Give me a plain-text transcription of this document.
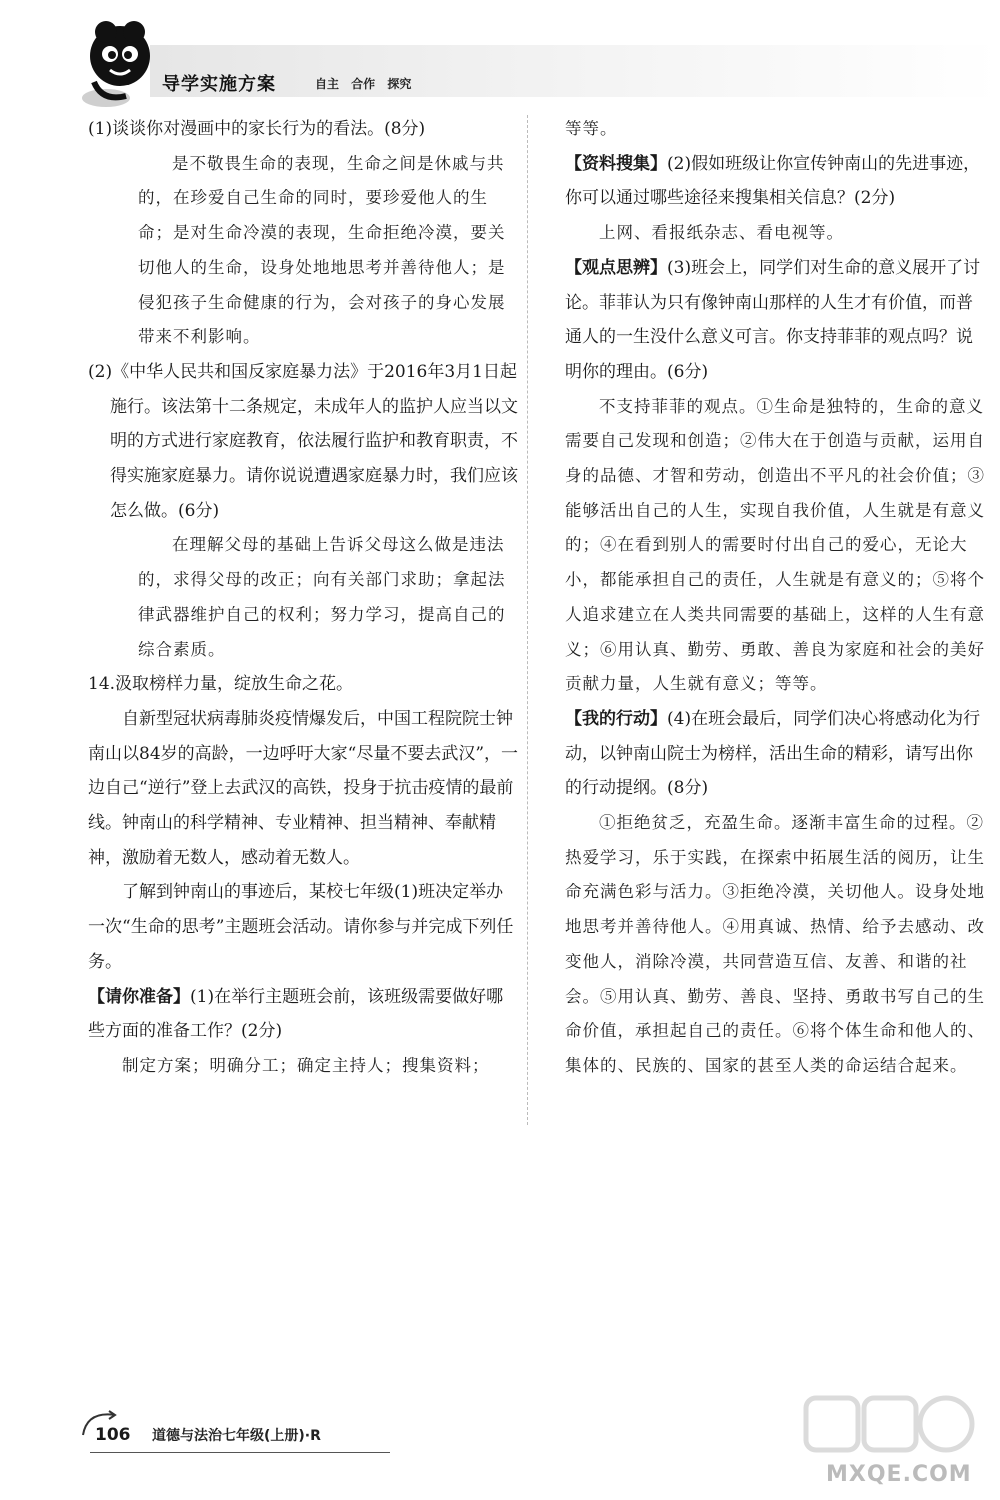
导学实施方案	自主 合作 探究

(1)谈谈你对漫画中的家长行为的看法。(8分)

是不敬畏生命的表现，生命之间是休戚与共的，在珍爱自己生命的同时，要珍爱他人的生命；是对生命冷漠的表现，生命拒绝冷漠，要关切他人的生命，设身处地地思考并善待他人；是侵犯孩子生命健康的行为，会对孩子的身心发展带来不利影响。

(2)《中华人民共和国反家庭暴力法》于2016年3月1日起施行。该法第十二条规定，未成年人的监护人应当以文明的方式进行家庭教育，依法履行监护和教育职责，不得实施家庭暴力。请你说说遭遇家庭暴力时，我们应该怎么做。(6分)

在理解父母的基础上告诉父母这么做是违法的，求得父母的改正；向有关部门求助；拿起法律武器维护自己的权利；努力学习，提高自己的综合素质。

14.汲取榜样力量，绽放生命之花。

自新型冠状病毒肺炎疫情爆发后，中国工程院院士钟南山以84岁的高龄，一边呼吁大家“尽量不要去武汉”，一边自己“逆行”登上去武汉的高铁，投身于抗击疫情的最前线。钟南山的科学精神、专业精神、担当精神、奉献精神，激励着无数人，感动着无数人。

了解到钟南山的事迹后，某校七年级(1)班决定举办一次“生命的思考”主题班会活动。请你参与并完成下列任务。

【请你准备】(1)在举行主题班会前，该班级需要做好哪些方面的准备工作？(2分)

制定方案；明确分工；确定主持人；搜集资料；

等等。

【资料搜集】(2)假如班级让你宣传钟南山的先进事迹，你可以通过哪些途径来搜集相关信息？(2分)

上网、看报纸杂志、看电视等。

【观点思辨】(3)班会上，同学们对生命的意义展开了讨论。菲菲认为只有像钟南山那样的人生才有价值，而普通人的一生没什么意义可言。你支持菲菲的观点吗？说明你的理由。(6分)

不支持菲菲的观点。①生命是独特的，生命的意义需要自己发现和创造；②伟大在于创造与贡献，运用自身的品德、才智和劳动，创造出不平凡的社会价值；③能够活出自己的人生，实现自我价值，人生就是有意义的；④在看到别人的需要时付出自己的爱心，无论大小，都能承担自己的责任，人生就是有意义的；⑤将个人追求建立在人类共同需要的基础上，这样的人生有意义；⑥用认真、勤劳、勇敢、善良为家庭和社会的美好贡献力量，人生就有意义；等等。

【我的行动】(4)在班会最后，同学们决心将感动化为行动，以钟南山院士为榜样，活出生命的精彩，请写出你的行动提纲。(8分)

①拒绝贫乏，充盈生命。逐渐丰富生命的过程。②热爱学习，乐于实践，在探索中拓展生活的阅历，让生命充满色彩与活力。③拒绝冷漠，关切他人。设身处地地思考并善待他人。④用真诚、热情、给予去感动、改变他人，消除冷漠，共同营造互信、友善、和谐的社会。⑤用认真、勤劳、善良、坚持、勇敢书写自己的生命价值，承担起自己的责任。⑥将个体生命和他人的、集体的、民族的、国家的甚至人类的命运结合起来。

106 道德与法治七年级(上册)·R
MXQE.COM
